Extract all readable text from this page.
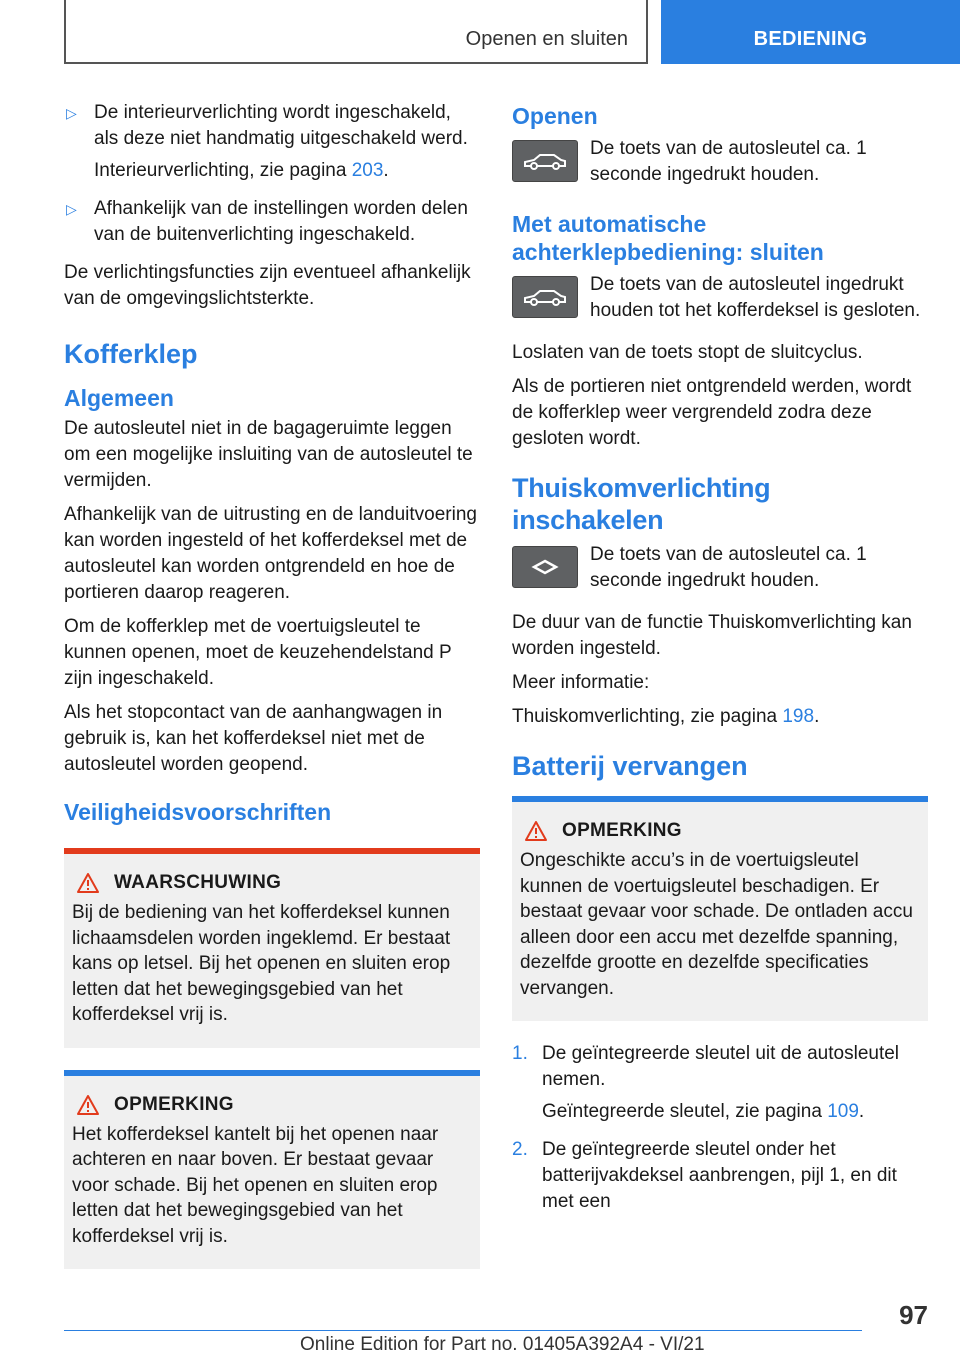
Openen en sluiten	BEDIENING
▷ De interieurverlichting wordt ingeschakeld, als deze niet handmatig uitgeschakeld werd.

Interieurverlichting, zie pagina 203.

▷ Afhankelijk van de instellingen worden delen van de buitenverlichting ingeschakeld.

De verlichtingsfuncties zijn eventueel afhankelijk van de omgevingslichtsterkte.

Kofferklep
Algemeen

De autosleutel niet in de bagageruimte leggen om een mogelijke insluiting van de autosleutel te vermijden.

Afhankelijk van de uitrusting en de landuitvoering kan worden ingesteld of het kofferdeksel met de autosleutel kan worden ontgrendeld en hoe de portieren daarop reageren.

Om de kofferklep met de voertuigsleutel te kunnen openen, moet de keuzehendelstand P zijn ingeschakeld.

Als het stopcontact van de aanhangwagen in gebruik is, kan het kofferdeksel niet met de autosleutel worden geopend.

Veiligheidsvoorschriften
WAARSCHUWING

Bij de bediening van het kofferdeksel kunnen lichaamsdelen worden ingeklemd. Er bestaat kans op letsel. Bij het openen en sluiten erop letten dat het bewegingsgebied van het kofferdeksel vrij is.

OPMERKING

Het kofferdeksel kantelt bij het openen naar achteren en naar boven. Er bestaat gevaar voor schade. Bij het openen en sluiten erop letten dat het bewegingsgebied van het kofferdeksel vrij is.

Openen

De toets van de autosleutel ca. 1 seconde ingedrukt houden.

Met automatische achterklepbediening: sluiten

De toets van de autosleutel ingedrukt houden tot het kofferdeksel is gesloten.

Loslaten van de toets stopt de sluitcyclus.

Als de portieren niet ontgrendeld werden, wordt de kofferklep weer vergrendeld zodra deze gesloten wordt.

Thuiskomverlichting inschakelen

De toets van de autosleutel ca. 1 seconde ingedrukt houden.

De duur van de functie Thuiskomverlichting kan worden ingesteld.

Meer informatie:

Thuiskomverlichting, zie pagina 198.

Batterij vervangen
OPMERKING

Ongeschikte accu’s in de voertuigsleutel kunnen de voertuigsleutel beschadigen. Er bestaat gevaar voor schade. De ontladen accu alleen door een accu met dezelfde spanning, dezelfde grootte en dezelfde specificaties vervangen.

1. De geïntegreerde sleutel uit de autosleutel nemen.

Geïntegreerde sleutel, zie pagina 109.

2. De geïntegreerde sleutel onder het batterijvakdeksel aanbrengen, pijl 1, en dit met een

97
Online Edition for Part no. 01405A392A4 - VI/21
